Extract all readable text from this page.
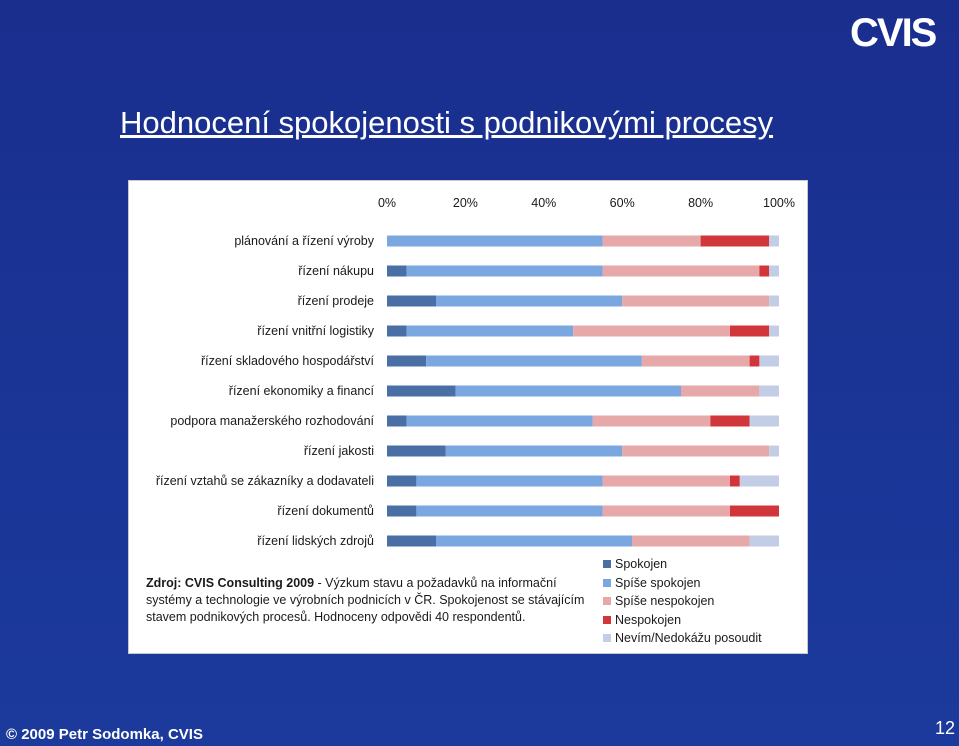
CVIS
Hodnocení spokojenosti s podnikovými procesy
0%	20%	40%	60%	80%	100%
plánování a řízení výroby
řízení nákupu
řízení prodeje
řízení vnitřní logistiky
řízení skladového hospodářství
řízení ekonomiky a financí
podpora manažerského rozhodování
řízení jakosti
řízení vztahů se zákazníky a dodavateli
řízení dokumentů
řízení lidských zdrojů
Zdroj: CVIS Consulting 2009 - Výzkum stavu a požadavků na informační systémy a technologie ve výrobních podnicích v ČR. Spokojenost se stávajícím stavem podnikových procesů. Hodnoceny odpovědi 40 respondentů.
Spokojen
Spíše spokojen
Spíše nespokojen
Nespokojen
Nevím/Nedokážu posoudit
© 2009 Petr Sodomka, CVIS	12
